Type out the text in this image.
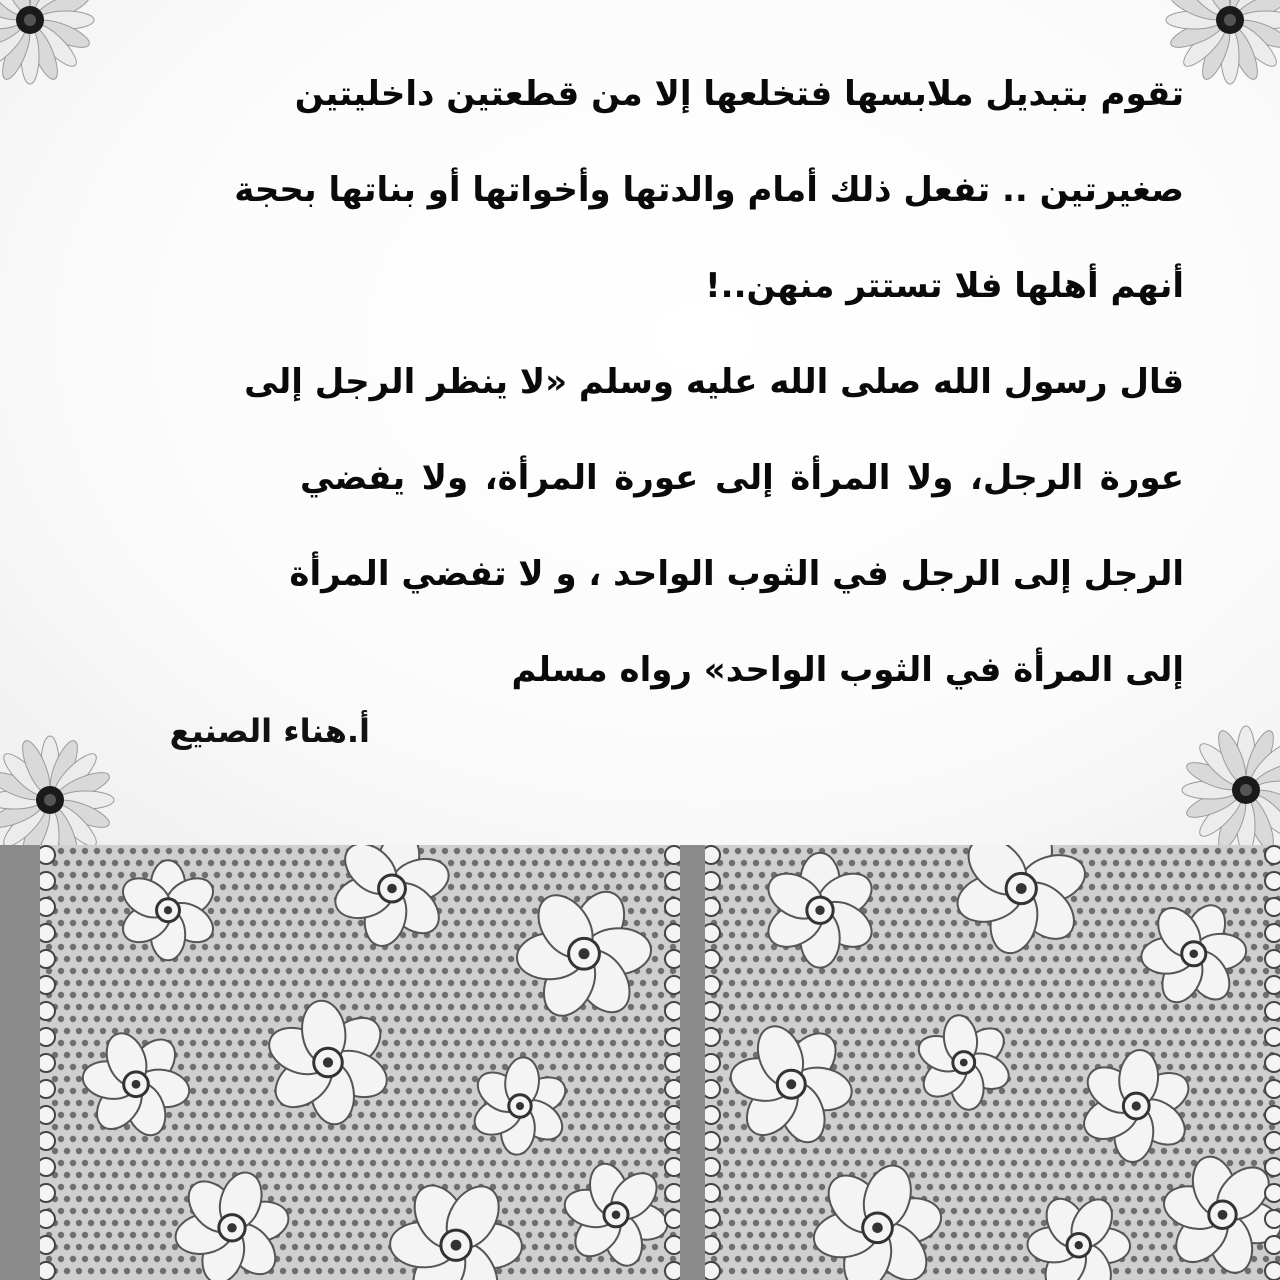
تقوم بتبديل ملابسها فتخلعها إلا من قطعتين داخليتين
صغيرتين .. تفعل ذلك أمام والدتها وأخواتها أو بناتها بحجة
أنهم أهلها فلا تستتر منهن..!
قال رسول الله صلى الله عليه وسلم «لا ينظر الرجل إلى
عورة الرجل، ولا المرأة إلى عورة المرأة، ولا يفضي
الرجل إلى الرجل في الثوب الواحد ، و لا تفضي المرأة
إلى المرأة في الثوب الواحد» رواه مسلم
أ.هناء الصنيع
